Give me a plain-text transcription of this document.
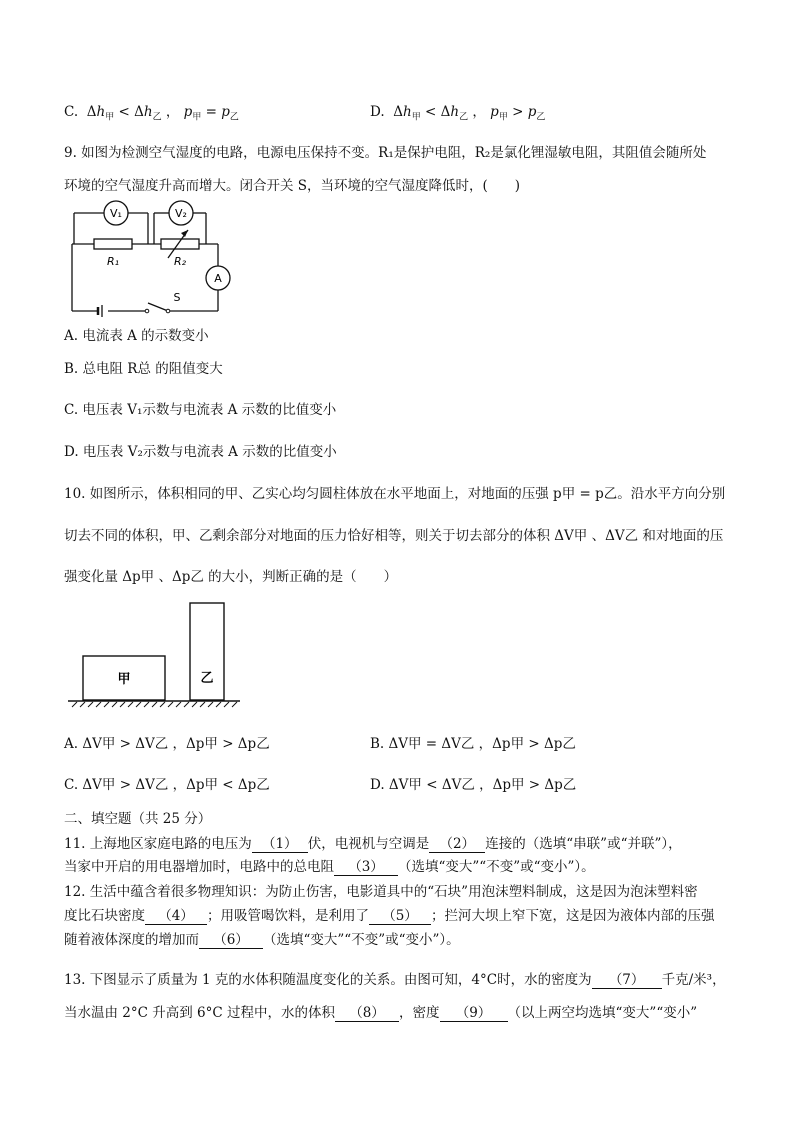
C. $\Delta h_甲 < \Delta h_乙$ ， $p_甲 = p_乙$	D. $\Delta h_甲 < \Delta h_乙$ ， $p_甲 > p_乙$
9. 如图为检测空气湿度的电路，电源电压保持不变。R₁是保护电阻，R₂是氯化锂湿敏电阻，其阻值会随所处
环境的空气湿度升高而增大。闭合开关 S，当环境的空气湿度降低时，(　　)
V₁	V₂
R₁	R₂
A
S
A. 电流表 A 的示数变小
B. 总电阻 R总 的阻值变大
C. 电压表 V₁示数与电流表 A 示数的比值变小
D. 电压表 V₂示数与电流表 A 示数的比值变小
10. 如图所示，体积相同的甲、乙实心均匀圆柱体放在水平地面上，对地面的压强 p甲 = p乙。沿水平方向分别
切去不同的体积，甲、乙剩余部分对地面的压力恰好相等，则关于切去部分的体积 ΔV甲 、ΔV乙 和对地面的压
强变化量 Δp甲 、Δp乙 的大小，判断正确的是（　　）
甲	乙
A. ΔV甲 > ΔV乙 ，Δp甲 > Δp乙	B. ΔV甲 = ΔV乙 ，Δp甲 > Δp乙
C. ΔV甲 > ΔV乙 ，Δp甲 < Δp乙	D. ΔV甲 < ΔV乙 ，Δp甲 > Δp乙
二、填空题（共 25 分）
11. 上海地区家庭电路的电压为 （1） 伏，电视机与空调是 （2） 连接的（选填“串联”或“并联”），
当家中开启的用电器增加时，电路中的总电阻 （3） （选填“变大”“不变”或“变小”）。
12. 生活中蕴含着很多物理知识：为防止伤害，电影道具中的“石块”用泡沫塑料制成，这是因为泡沫塑料密
度比石块密度 （4） ；用吸管喝饮料，是利用了 （5） ；拦河大坝上窄下宽，这是因为液体内部的压强
随着液体深度的增加而 （6） （选填“变大”“不变”或“变小”）。
13. 下图显示了质量为 1 克的水体积随温度变化的关系。由图可知，4°C时，水的密度为 （7） 千克/米³，
当水温由 2°C 升高到 6°C 过程中，水的体积 （8） ，密度 （9） （以上两空均选填“变大”“变小”
